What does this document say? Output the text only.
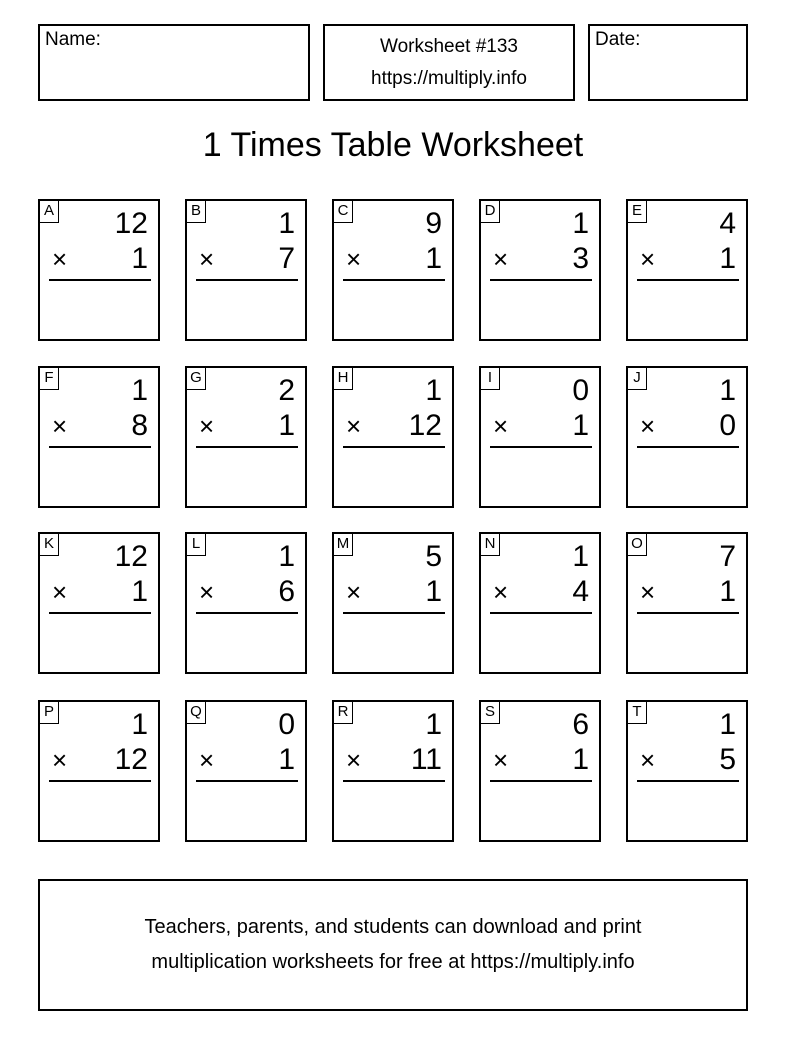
Name:	Worksheet #133
https://multiply.info
Date:
1 Times Table Worksheet
A 12
× 1
B	1
× 7
C	9
× 1
D	1
× 3
E	4
× 1
F	1
× 8
G	2
× 1
H	1
× 12
I	0
× 1
J	1
× 0
K 12
× 1
L	1
× 6
M	5
× 1
N	1
× 4
O	7
× 1
P	1
× 12
Q	0
× 1
R	1
× 11
S	6
× 1
T	1
× 5
Teachers, parents, and students can download and print
multiplication worksheets for free at https://multiply.info
